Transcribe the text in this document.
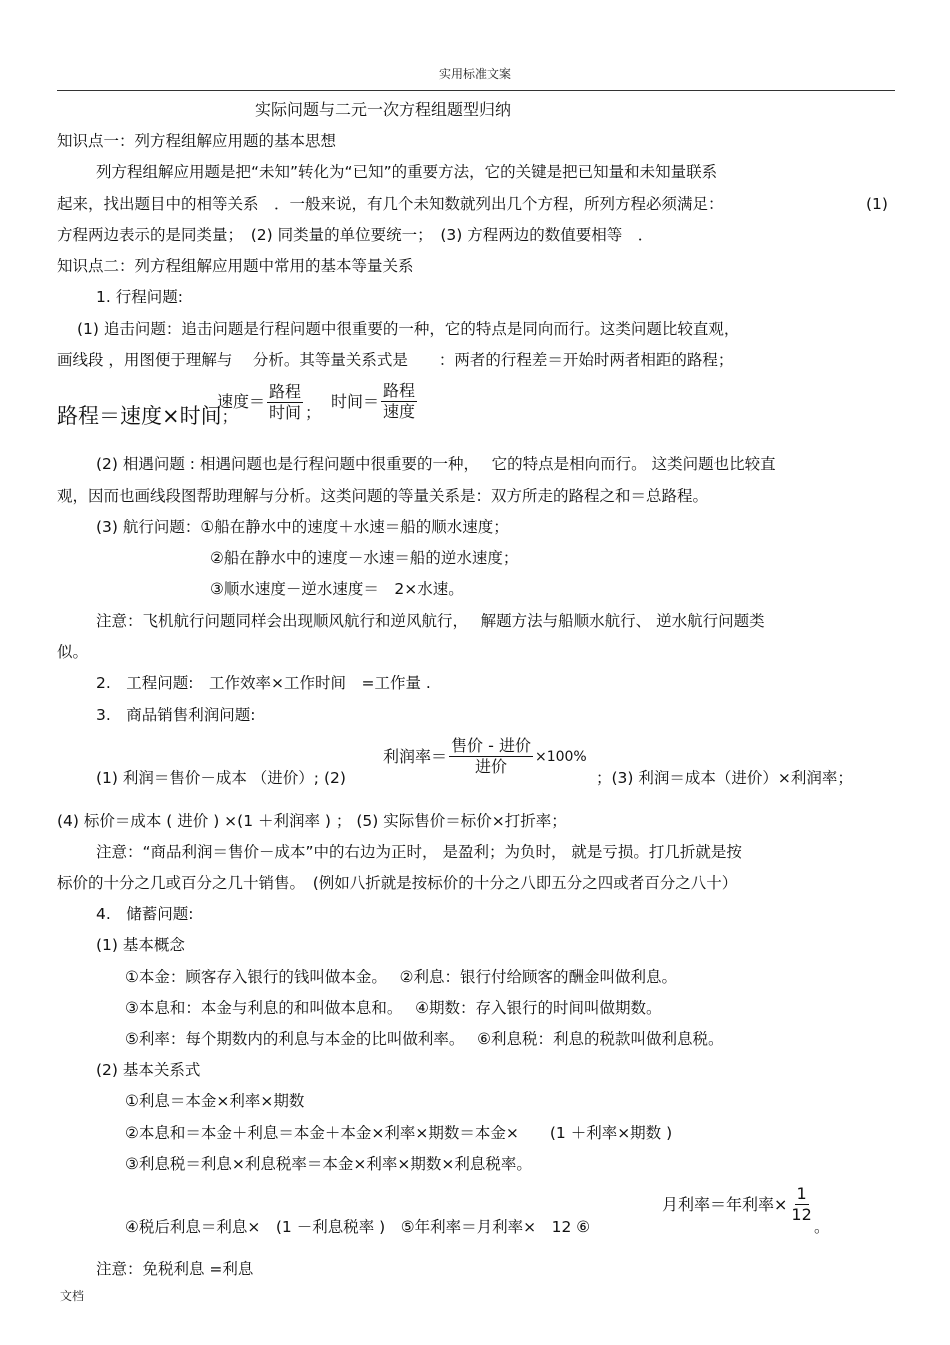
实用标准文案
实际问题与二元一次方程组题型归纳
知识点一：列方程组解应用题的基本思想
列方程组解应用题是把“未知”转化为“已知”的重要方法，它的关键是把已知量和未知量联系
起来，找出题目中的相等关系　．一般来说，有几个未知数就列出几个方程，所列方程必须满足：	(1)
方程两边表示的是同类量；　(2) 同类量的单位要统一；　(3) 方程两边的数值要相等　．
知识点二：列方程组解应用题中常用的基本等量关系
1. 行程问题:
(1) 追击问题：追击问题是行程问题中很重要的一种，它的特点是同向而行。这类问题比较直观，
画线段 ，用图便于理解与　 分析。其等量关系式是　　：两者的行程差＝开始时两者相距的路程；
路程＝速度×时间 ；
速度＝ $\frac{\text{路程}}{\text{时间}}$ ；
时间＝ $\frac{\text{路程}}{\text{速度}}$
(2) 相遇问题 : 相遇问题也是行程问题中很重要的一种，　 它的特点是相向而行。 这类问题也比较直
观，因而也画线段图帮助理解与分析。这类问题的等量关系是：双方所走的路程之和＝总路程。
(3) 航行问题：①船在静水中的速度＋水速＝船的顺水速度；
②船在静水中的速度－水速＝船的逆水速度；
③顺水速度－逆水速度＝　2×水速。
注意：飞机航行问题同样会出现顺风航行和逆风航行，　 解题方法与船顺水航行、 逆水航行问题类
似。
2.　工程问题:　工作效率×工作时间　=工作量 .
3.　商品销售利润问题:
利润率＝ $\frac{\text{售价 - 进价}}{\text{进价}} \times 100\%$
(1) 利润＝售价－成本 （进价）; (2)	；(3) 利润＝成本（进价）×利润率；
(4) 标价＝成本 ( 进价 ) ×(1 ＋利润率 ) ； (5) 实际售价＝标价×打折率；
注意：“商品利润＝售价－成本”中的右边为正时， 是盈利；为负时， 就是亏损。打几折就是按
标价的十分之几或百分之几十销售。　(例如八折就是按标价的十分之八即五分之四或者百分之八十）
4.　储蓄问题:
(1) 基本概念
①本金：顾客存入银行的钱叫做本金。　 ②利息：银行付给顾客的酬金叫做利息。
③本息和：本金与利息的和叫做本息和。　 ④期数：存入银行的时间叫做期数。
⑤利率：每个期数内的利息与本金的比叫做利率。　 ⑥利息税：利息的税款叫做利息税。
(2) 基本关系式
①利息＝本金×利率×期数
②本息和＝本金＋利息＝本金＋本金×利率×期数＝本金×　　(1 ＋利率×期数 )
③利息税＝利息×利息税率＝本金×利率×期数×利息税率。
④税后利息＝利息×　(1 －利息税率 )　⑤年利率＝月利率×　12 ⑥
月利率＝年利率× $\frac{1}{12}$
。
注意：免税利息 =利息
文档
